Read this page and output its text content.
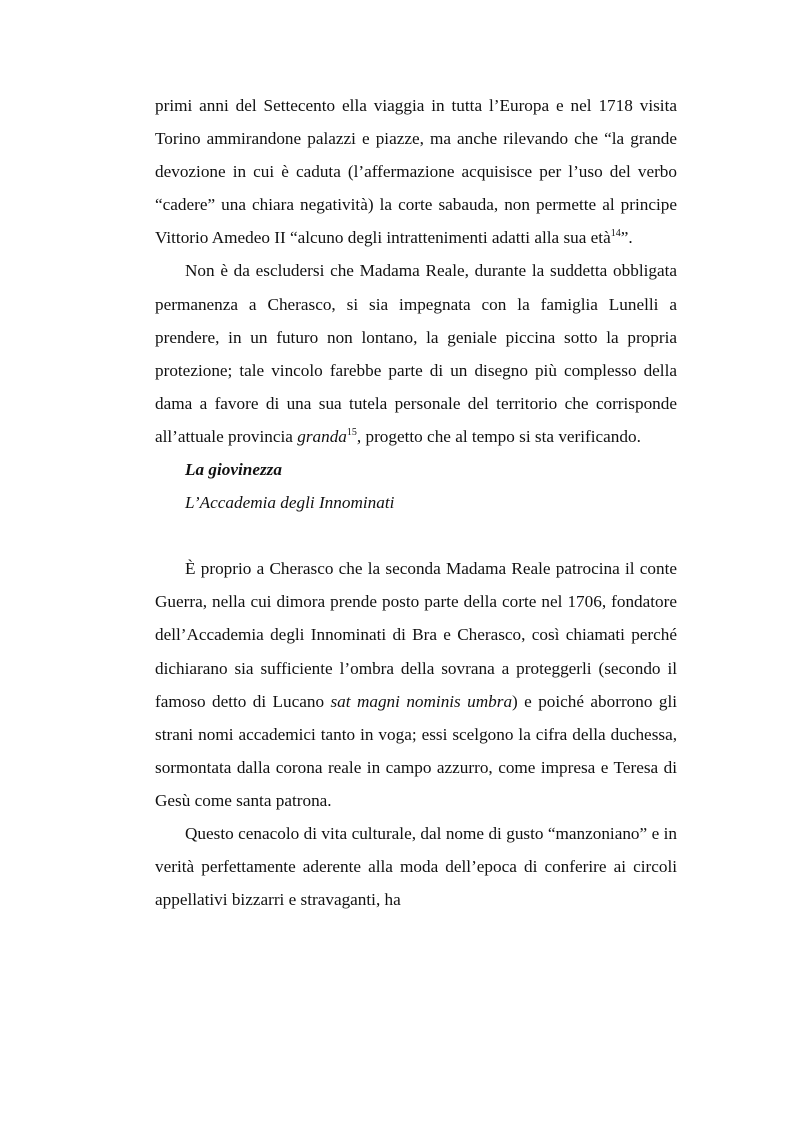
primi anni del Settecento ella viaggia in tutta l’Europa e nel 1718 visita Torino ammirandone palazzi e piazze, ma anche rilevando che “la grande devozione in cui è caduta (l’affermazione acquisisce per l’uso del verbo “cadere” una chiara negatività) la corte sabauda, non permette al principe Vittorio Amedeo II “alcuno degli intrattenimenti adatti alla sua età$^{14}$”.

Non è da escludersi che Madama Reale, durante la suddetta obbligata permanenza a Cherasco, si sia impegnata con la famiglia Lunelli a prendere, in un futuro non lontano, la geniale piccina sotto la propria protezione; tale vincolo farebbe parte di un disegno più complesso della dama a favore di una sua tutela personale del territorio che corrisponde all’attuale provincia granda$^{15}$, progetto che al tempo si sta verificando.

La giovinezza

L’Accademia degli Innominati

È proprio a Cherasco che la seconda Madama Reale patrocina il conte Guerra, nella cui dimora prende posto parte della corte nel 1706, fondatore dell’Accademia degli Innominati di Bra e Cherasco, così chiamati perché dichiarano sia sufficiente l’ombra della sovrana a proteggerli (secondo il famoso detto di Lucano sat magni nominis umbra) e poiché aborrono gli strani nomi accademici tanto in voga; essi scelgono la cifra della duchessa, sormontata dalla corona reale in campo azzurro, come impresa e Teresa di Gesù come santa patrona.

Questo cenacolo di vita culturale, dal nome di gusto “manzoniano” e in verità perfettamente aderente alla moda dell’epoca di conferire ai circoli appellativi bizzarri e stravaganti, ha
